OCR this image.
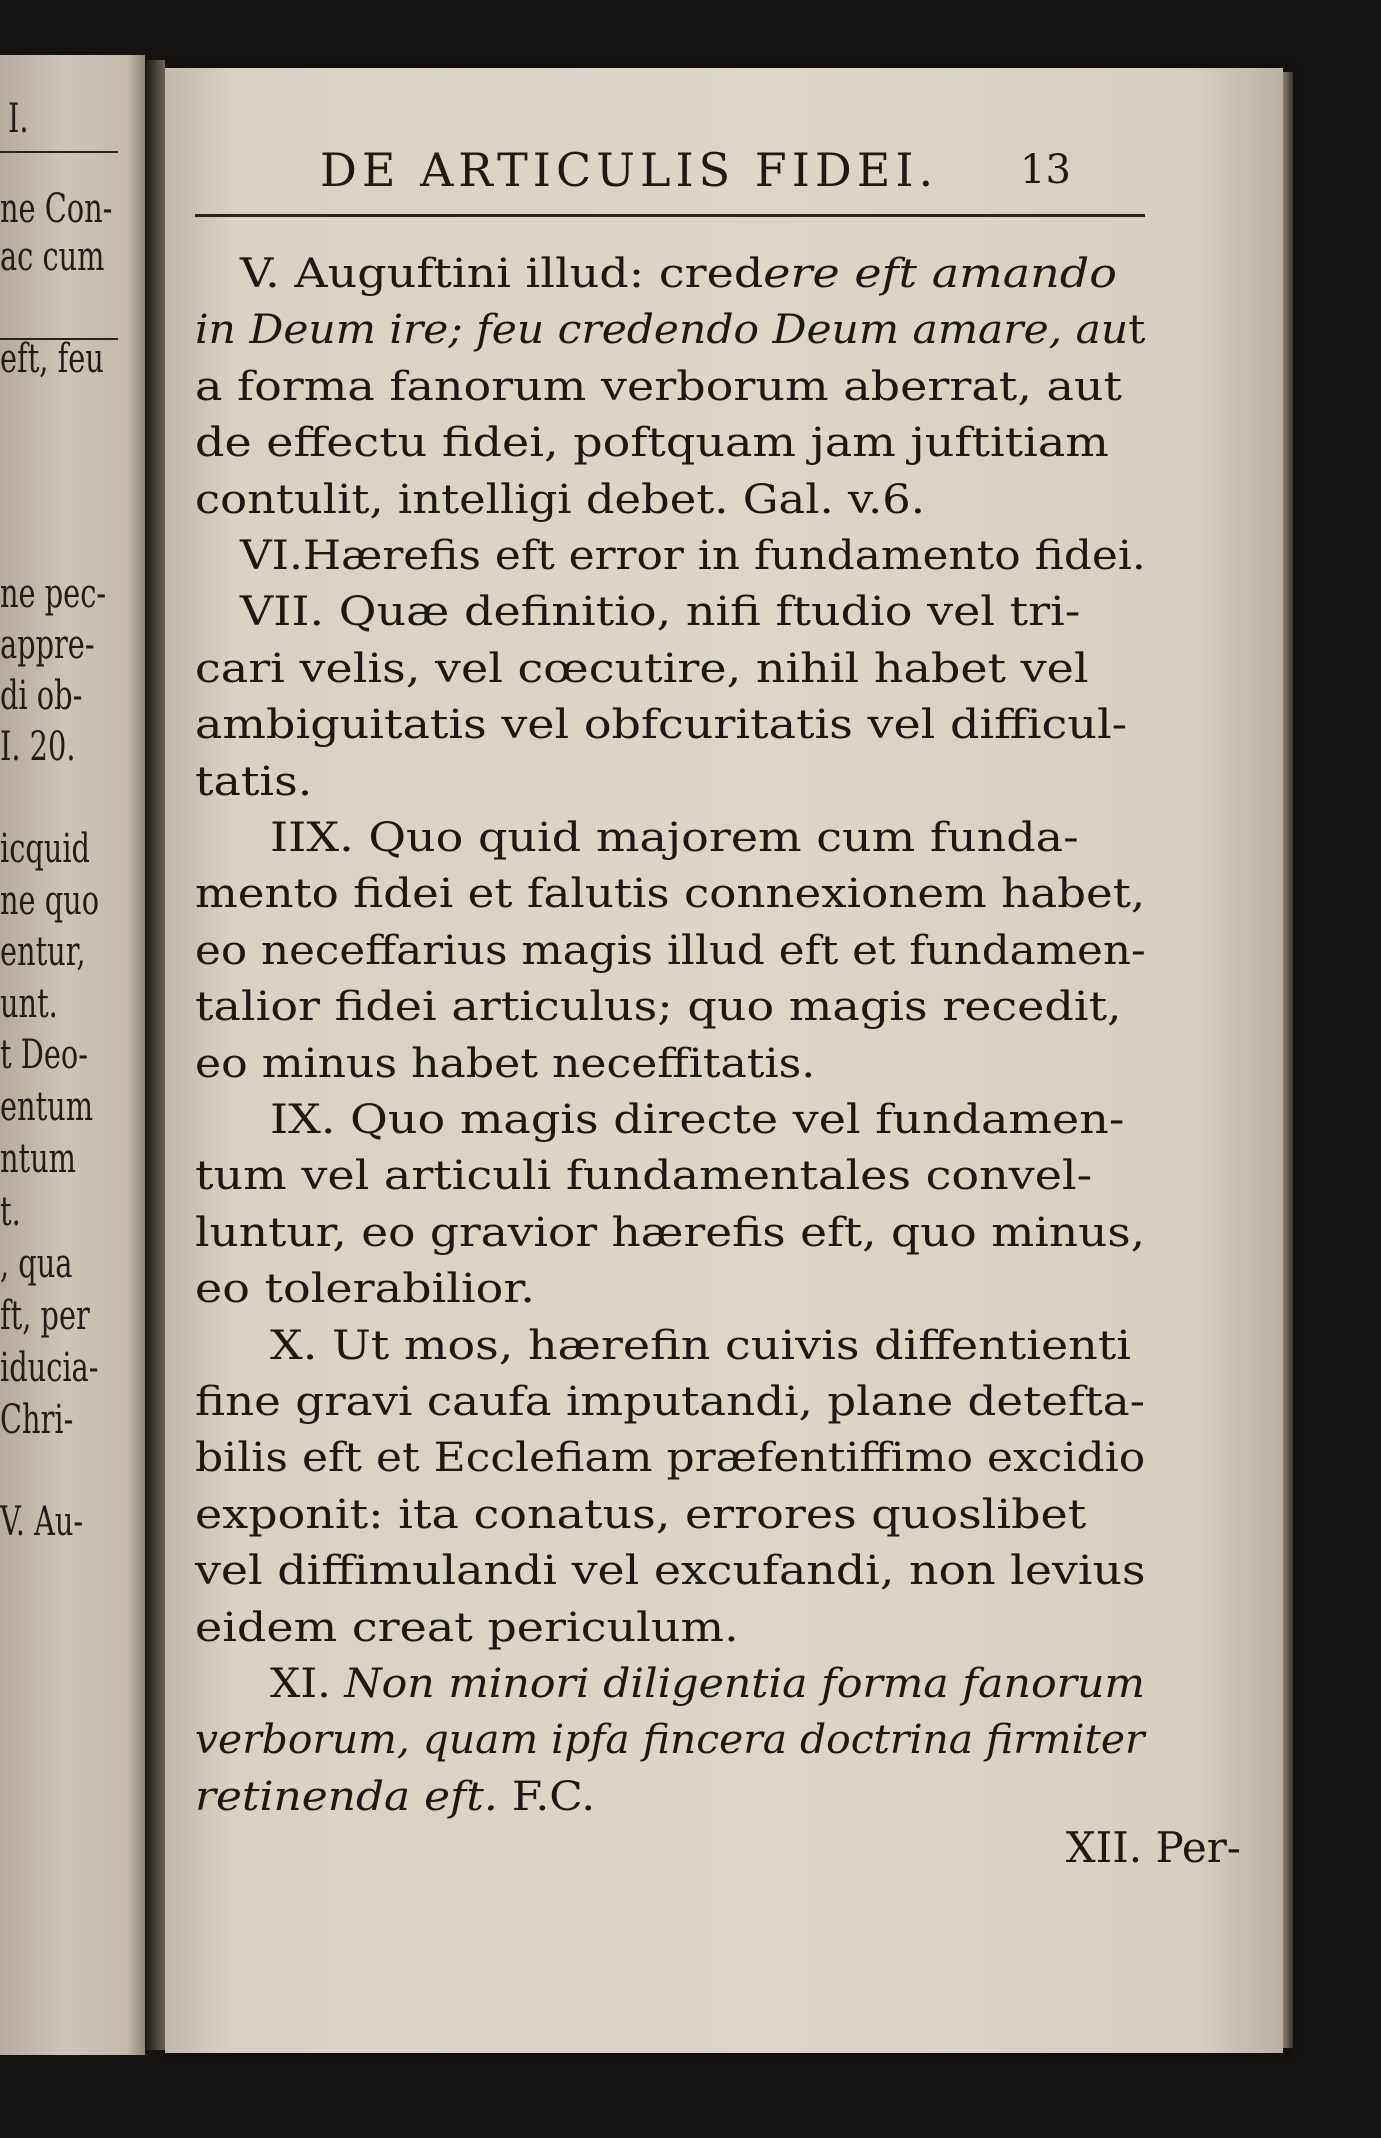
I.
ne Con-
ac cum
eft, feu
ne pec-
appre-
di ob-
I. 20.
icquid
ne quo
entur,
unt.
t Deo-
entum
ntum
t.
, qua
ft, per
iducia-
Chri-
V. Au-
DE ARTICULIS FIDEI. 13
XII. Per-
V. Auguftini illud: credere eft amando
in Deum ire; feu credendo Deum amare, aut
a forma fanorum verborum aberrat, aut
de effectu fidei, poftquam jam juftitiam
contulit, intelligi debet. Gal. v.6.
VI.Hærefis eft error in fundamento fidei.
VII. Quæ definitio, nifi ftudio vel tri-
cari velis, vel cœcutire, nihil habet vel
ambiguitatis vel obfcuritatis vel difficul-
tatis.
IIX. Quo quid majorem cum funda-
mento fidei et falutis connexionem habet,
eo neceffarius magis illud eft et fundamen-
talior fidei articulus; quo magis recedit,
eo minus habet neceffitatis.
IX. Quo magis directe vel fundamen-
tum vel articuli fundamentales convel-
luntur, eo gravior hærefis eft, quo minus,
eo tolerabilior.
X. Ut mos, hærefin cuivis diffentienti
fine gravi caufa imputandi, plane detefta-
bilis eft et Ecclefiam præfentiffimo excidio
exponit: ita conatus, errores quoslibet
vel diffimulandi vel excufandi, non levius
eidem creat periculum.
XI. Non minori diligentia forma fanorum
verborum, quam ipfa fincera doctrina firmiter
retinenda eft. F.C.
